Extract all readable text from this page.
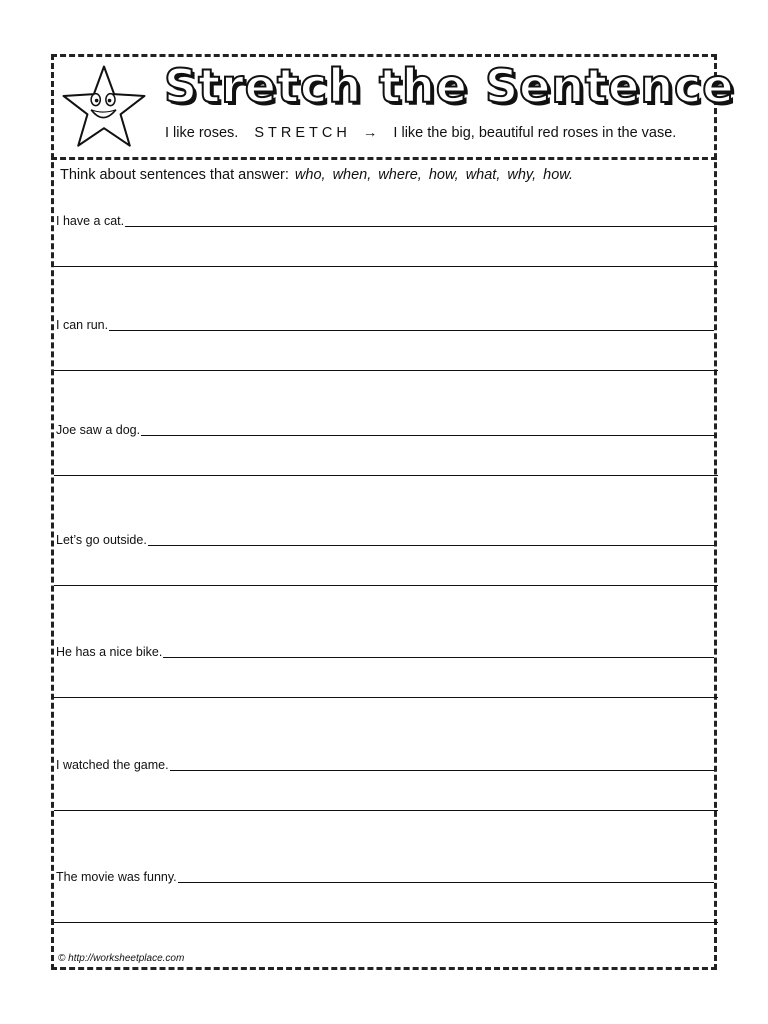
Stretch the Sentence
I like roses. STRETCH → I like the big, beautiful red roses in the vase.
Think about sentences that answer: who, when, where, how, what, why, how.
I have a cat.
I can run.
Joe saw a dog.
Let’s go outside.
He has a nice bike.
I watched the game.
The movie was funny.
© http://worksheetplace.com
